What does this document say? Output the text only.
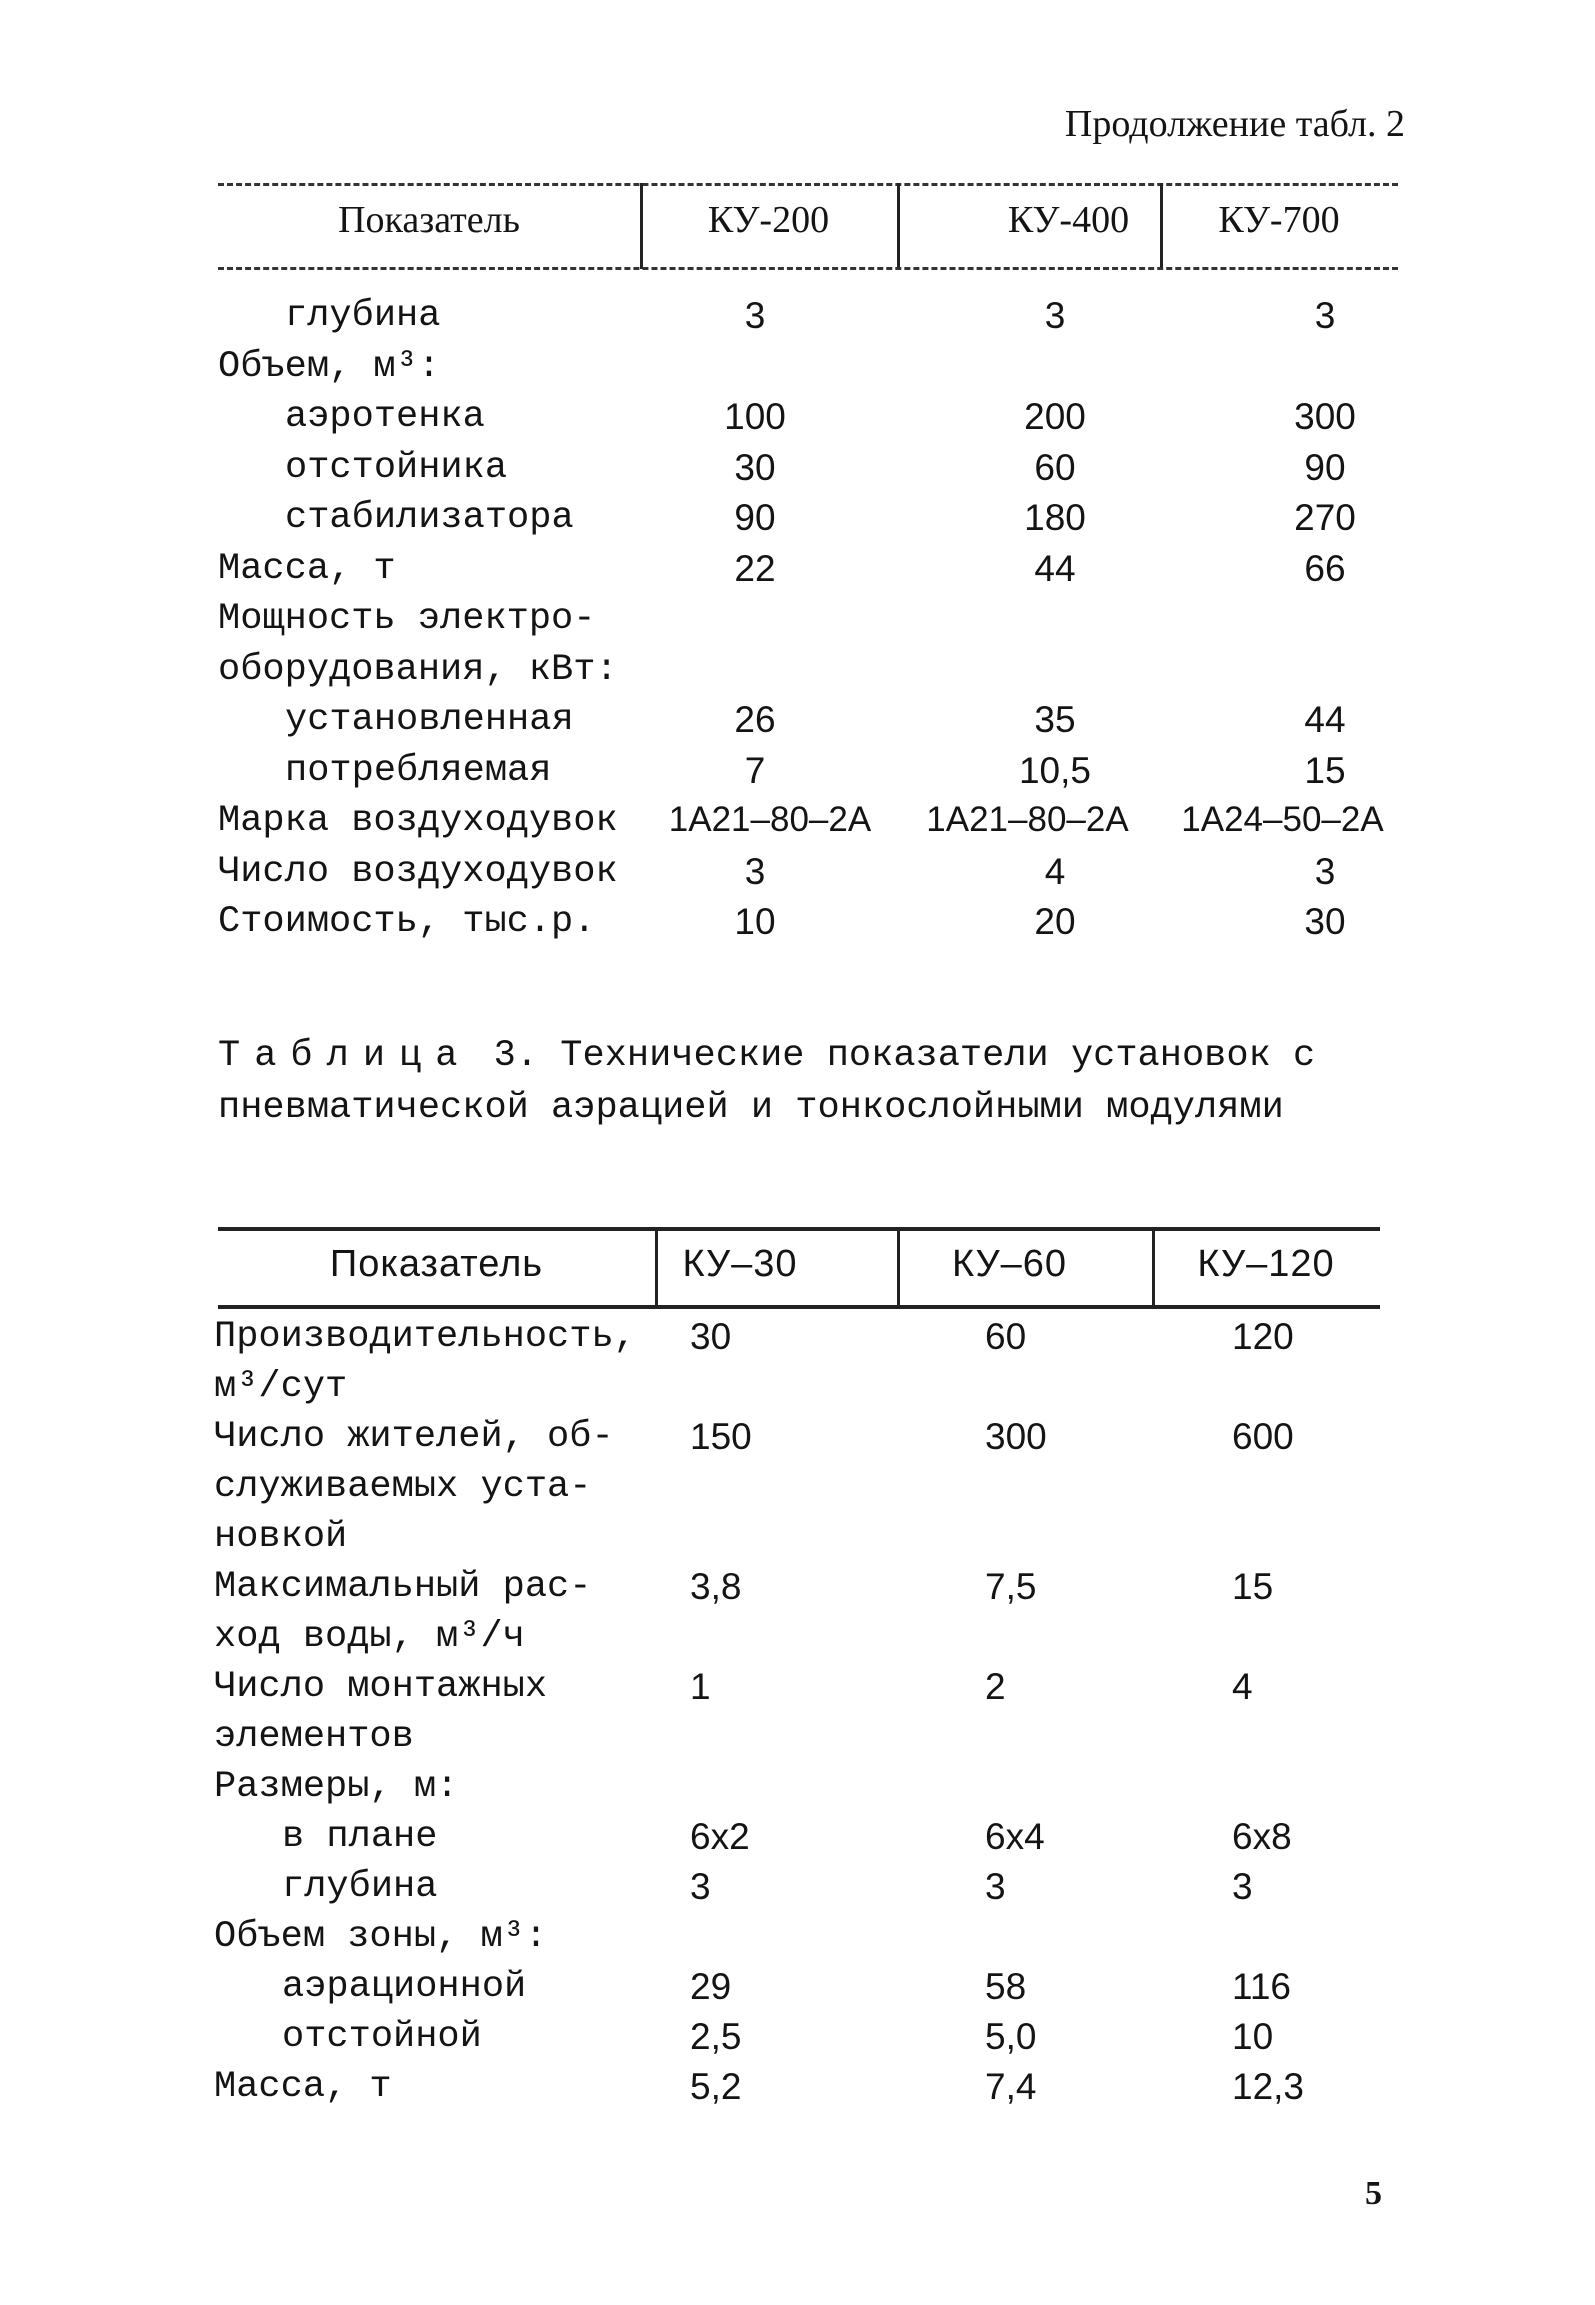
Продолжение табл. 2
Показатель	КУ-200	КУ-400	КУ-700
глубина	3	3	3
Объем, м³:
аэротенка	100	200	300
отстойника	30	60	90
стабилизатора	90	180	270
Масса, т	22	44	66
Мощность электро-
оборудования, кВт:
установленная	26	35	44
потребляемая	7	10,5	15
Марка воздуходувок	1А21–80–2А	1А21–80–2А	1А24–50–2А
Число воздуходувок	3	4	3
Стоимость, тыс.р.	10	20	30
Таблица 3. Технические показатели установок с пневматической аэрацией и тонкослойными модулями
Показатель	КУ–30	КУ–60	КУ–120
Производительность, 30	60	120
м³/сут
Число жителей, об- 150	300	600
служиваемых уста-
новкой
Максимальный рас-	3,8	7,5	15
ход воды, м³/ч
Число монтажных	1	2	4
элементов
Размеры, м:
в плане	6х2	6х4	6х8
глубина	3	3	3
Объем зоны, м³:
аэрационной	29	58	116
отстойной	2,5	5,0	10
Масса, т	5,2	7,4	12,3
5
